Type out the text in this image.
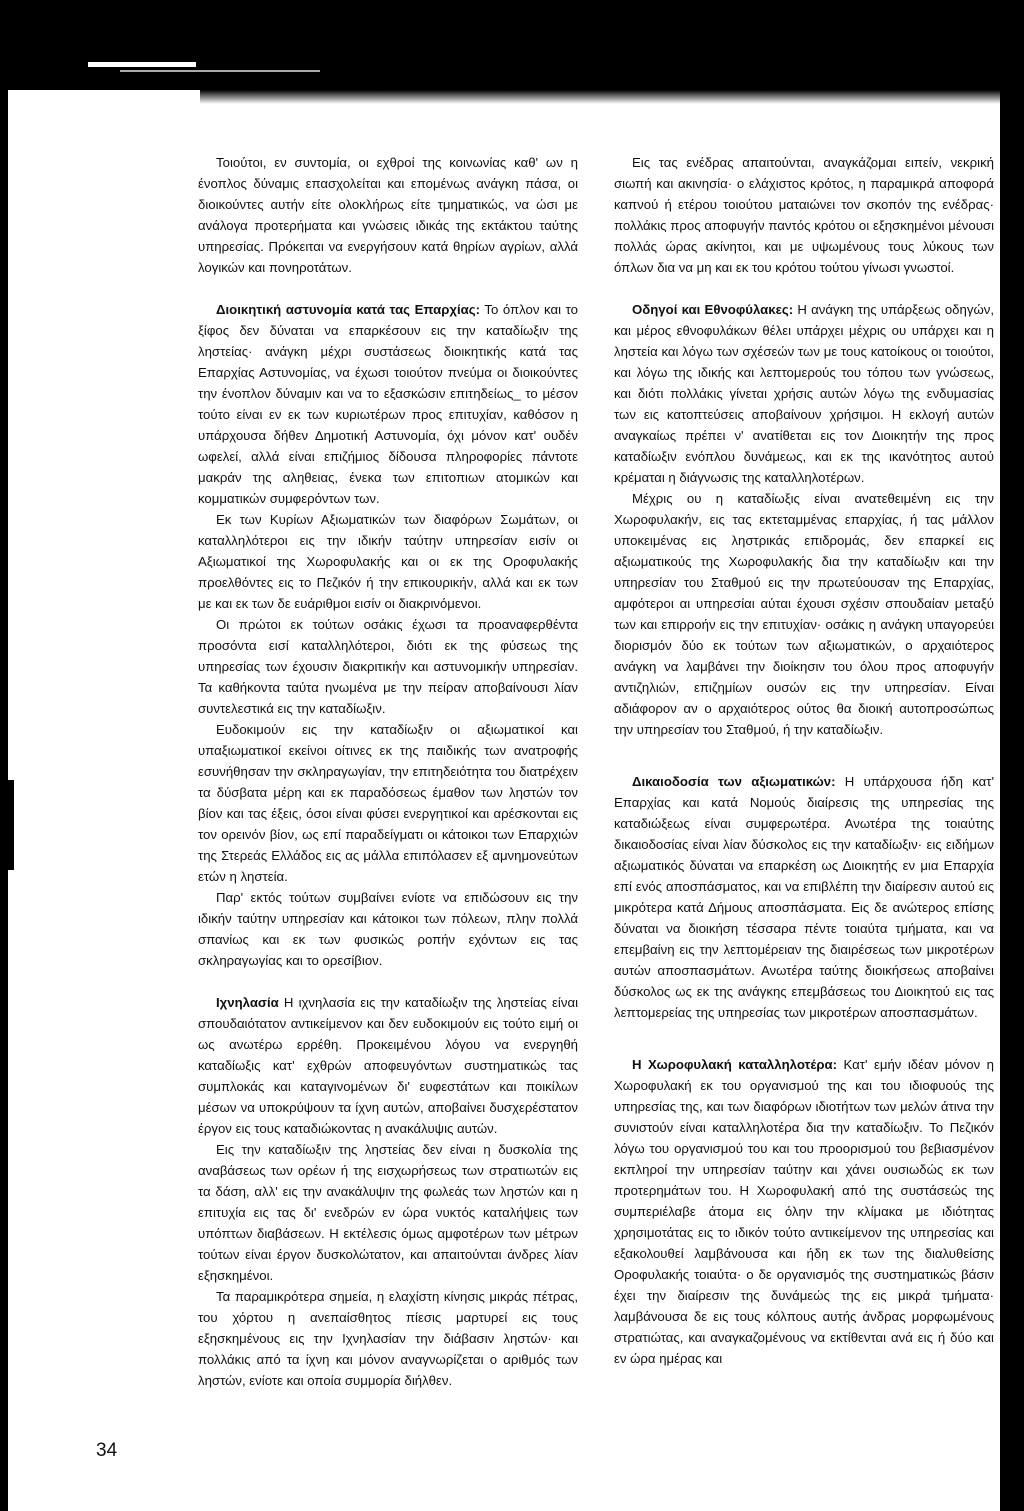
Τοιούτοι, εν συντομία, οι εχθροί της κοινωνίας καθ' ων η ένοπλος δύναμις επασχολείται και επομένως ανάγκη πάσα, οι διοικούντες αυτήν είτε ολοκλήρως είτε τμηματικώς, να ώσι με ανάλογα προτερήματα και γνώσεις ιδικάς της εκτάκτου ταύτης υπηρεσίας. Πρόκειται να ενεργήσουν κατά θηρίων αγρίων, αλλά λογικών και πονηροτάτων.

Διοικητική αστυνομία κατά τας Επαρχίας: Το όπλον και το ξίφος δεν δύναται να επαρκέσουν εις την καταδίωξιν της ληστείας· ανάγκη μέχρι συστάσεως διοικητικής κατά τας Επαρχίας Αστυνομίας, να έχωσι τοιούτον πνεύμα οι διοικούντες την ένοπλον δύναμιν και να το εξασκώσιν επιτηδείως_ το μέσον τούτο είναι εν εκ των κυριωτέρων προς επιτυχίαν, καθόσον η υπάρχουσα δήθεν Δημοτική Αστυνομία, όχι μόνον κατ' ουδέν ωφελεί, αλλά είναι επιζήμιος δίδουσα πληροφορίες πάντοτε μακράν της αληθειας, ένεκα των επιτοπιων ατομικών και κομματικών συμφερόντων των.

Εκ των Κυρίων Αξιωματικών των διαφόρων Σωμάτων, οι καταλληλότεροι εις την ιδικήν ταύτην υπηρεσίαν εισίν οι Αξιωματικοί της Χωροφυλακής και οι εκ της Οροφυλακής προελθόντες εις το Πεζικόν ή την επικουρικήν, αλλά και εκ των με και εκ των δε ευάριθμοι εισίν οι διακρινόμενοι.

Οι πρώτοι εκ τούτων οσάκις έχωσι τα προαναφερθέντα προσόντα εισί καταλληλότεροι, διότι εκ της φύσεως της υπηρεσίας των έχουσιν διακριτικήν και αστυνομικήν υπηρεσίαν. Τα καθήκοντα ταύτα ηνωμένα με την πείραν αποβαίνουσι λίαν συντελεστικά εις την καταδίωξιν.

Ευδοκιμούν εις την καταδίωξιν οι αξιωματικοί και υπαξιωματικοί εκείνοι οίτινες εκ της παιδικής των ανατροφής εσυνήθησαν την σκληραγωγίαν, την επιτηδειότητα του διατρέχειν τα δύσβατα μέρη και εκ παραδόσεως έμαθον των ληστών τον βίον και τας έξεις, όσοι είναι φύσει ενεργητικοί και αρέσκονται εις τον ορεινόν βίον, ως επί παραδείγματι οι κάτοικοι των Επαρχιών της Στερεάς Ελλάδος εις ας μάλλα επιπόλασεν εξ αμνημονεύτων ετών η ληστεία.

Παρ' εκτός τούτων συμβαίνει ενίοτε να επιδώσουν εις την ιδικήν ταύτην υπηρεσίαν και κάτοικοι των πόλεων, πλην πολλά σπανίως και εκ των φυσικώς ροπήν εχόντων εις τας σκληραγωγίας και το ορεσίβιον.

Ιχνηλασία Η ιχνηλασία εις την καταδίωξιν της ληστείας είναι σπουδαιότατον αντικείμενον και δεν ευδοκιμούν εις τούτο ειμή οι ως ανωτέρω ερρέθη. Προκειμένου λόγου να ενεργηθή καταδίωξις κατ' εχθρών αποφευγόντων συστηματικώς τας συμπλοκάς και καταγινομένων δι' ευφεστάτων και ποικίλων μέσων να υποκρύψουν τα ίχνη αυτών, αποβαίνει δυσχερέστατον έργον εις τους καταδιώκοντας η ανακάλυψις αυτών.

Εις την καταδίωξιν της ληστείας δεν είναι η δυσκολία της αναβάσεως των ορέων ή της εισχωρήσεως των στρατιωτών εις τα δάση, αλλ' εις την ανακάλυψιν της φωλεάς των ληστών και η επιτυχία εις τας δι' ενεδρών εν ώρα νυκτός καταλήψεις των υπόπτων διαβάσεων. Η εκτέλεσις όμως αμφοτέρων των μέτρων τούτων είναι έργον δυσκολώτατον, και απαιτούνται άνδρες λίαν εξησκημένοι.

Τα παραμικρότερα σημεία, η ελαχίστη κίνησις μικράς πέτρας, του χόρτου η ανεπαίσθητος πίεσις μαρτυρεί εις τους εξησκημένους εις την Ιχνηλασίαν την διάβασιν ληστών· και πολλάκις από τα ίχνη και μόνον αναγνωρίζεται ο αριθμός των ληστών, ενίοτε και οποία συμμορία διήλθεν.

Εις τας ενέδρας απαιτούνται, αναγκάζομαι ειπείν, νεκρική σιωπή και ακινησία· ο ελάχιστος κρότος, η παραμικρά αποφορά καπνού ή ετέρου τοιούτου ματαιώνει τον σκοπόν της ενέδρας· πολλάκις προς αποφυγήν παντός κρότου οι εξησκημένοι μένουσι πολλάς ώρας ακίνητοι, και με υψωμένους τους λύκους των όπλων δια να μη και εκ του κρότου τούτου γίνωσι γνωστοί.

Οδηγοί και Εθνοφύλακες: Η ανάγκη της υπάρξεως οδηγών, και μέρος εθνοφυλάκων θέλει υπάρχει μέχρις ου υπάρχει και η ληστεία και λόγω των σχέσεών των με τους κατοίκους οι τοιούτοι, και λόγω της ιδικής και λεπτομερούς του τόπου των γνώσεως, και διότι πολλάκις γίνεται χρήσις αυτών λόγω της ενδυμασίας των εις κατοπτεύσεις αποβαίνουν χρήσιμοι. Η εκλογή αυτών αναγκαίως πρέπει ν' ανατίθεται εις τον Διοικητήν της προς καταδίωξιν ενόπλου δυνάμεως, και εκ της ικανότητος αυτού κρέμαται η διάγνωσις της καταλληλοτέρων.

Μέχρις ου η καταδίωξις είναι ανατεθειμένη εις την Χωροφυλακήν, εις τας εκτεταμμένας επαρχίας, ή τας μάλλον υποκειμένας εις ληστρικάς επιδρομάς, δεν επαρκεί εις αξιωματικούς της Χωροφυλακής δια την καταδίωξιν και την υπηρεσίαν του Σταθμού εις την πρωτεύουσαν της Επαρχίας, αμφότεροι αι υπηρεσίαι αύται έχουσι σχέσιν σπουδαίαν μεταξύ των και επιρροήν εις την επιτυχίαν· οσάκις η ανάγκη υπαγορεύει διορισμόν δύο εκ τούτων των αξιωματικών, ο αρχαιότερος ανάγκη να λαμβάνει την διοίκησιν του όλου προς αποφυγήν αντιζηλιών, επιζημίων ουσών εις την υπηρεσίαν. Είναι αδιάφορον αν ο αρχαιότερος ούτος θα διοική αυτοπροσώπως την υπηρεσίαν του Σταθμού, ή την καταδίωξιν.

Δικαιοδοσία των αξιωματικών: Η υπάρχουσα ήδη κατ' Επαρχίας και κατά Νομούς διαίρεσις της υπηρεσίας της καταδιώξεως είναι συμφερωτέρα. Ανωτέρα της τοιαύτης δικαιοδοσίας είναι λίαν δύσκολος εις την καταδίωξιν· εις ειδήμων αξιωματικός δύναται να επαρκέση ως Διοικητής εν μια Επαρχία επί ενός αποσπάσματος, και να επιβλέπη την διαίρεσιν αυτού εις μικρότερα κατά Δήμους αποσπάσματα. Εις δε ανώτερος επίσης δύναται να διοικήση τέσσαρα πέντε τοιαύτα τμήματα, και να επεμβαίνη εις την λεπτομέρειαν της διαιρέσεως των μικροτέρων αυτών αποσπασμάτων. Ανωτέρα ταύτης διοικήσεως αποβαίνει δύσκολος ως εκ της ανάγκης επεμβάσεως του Διοικητού εις τας λεπτομερείας της υπηρεσίας των μικροτέρων αποσπασμάτων.

Η Χωροφυλακή καταλληλοτέρα: Κατ' εμήν ιδέαν μόνον η Χωροφυλακή εκ του οργανισμού της και του ιδιοφυούς της υπηρεσίας της, και των διαφόρων ιδιοτήτων των μελών άτινα την συνιστούν είναι καταλληλοτέρα δια την καταδίωξιν. Το Πεζικόν λόγω του οργανισμού του και του προορισμού του βεβιασμένον εκπληροί την υπηρεσίαν ταύτην και χάνει ουσιωδώς εκ των προτερημάτων του. Η Χωροφυλακή από της συστάσεώς της συμπεριέλαβε άτομα εις όλην την κλίμακα με ιδιότητας χρησιμοτάτας εις το ιδικόν τούτο αντικείμενον της υπηρεσίας και εξακολουθεί λαμβάνουσα και ήδη εκ των της διαλυθείσης Οροφυλακής τοιαύτα· ο δε οργανισμός της συστηματικώς βάσιν έχει την διαίρεσιν της δυνάμεώς της εις μικρά τμήματα· λαμβάνουσα δε εις τους κόλπους αυτής άνδρας μορφωμένους στρατιώτας, και αναγκαζομένους να εκτίθενται ανά εις ή δύο και εν ώρα ημέρας και

34
